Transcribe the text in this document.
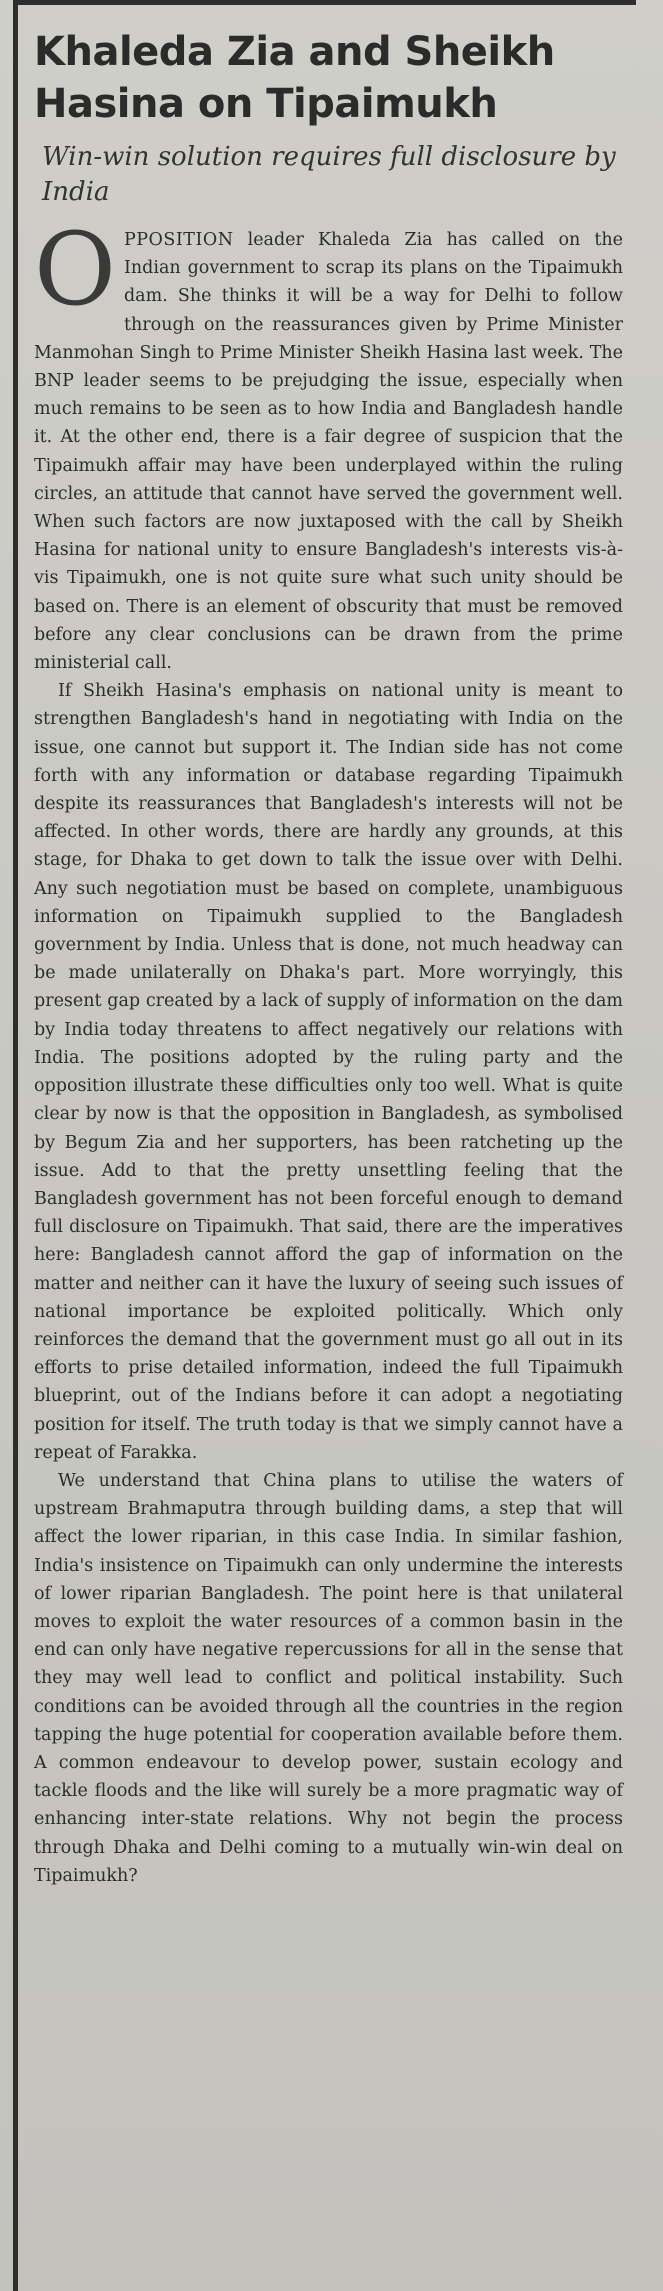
Khaleda Zia and Sheikh Hasina on Tipaimukh
Win-win solution requires full disclosure by India

OPPOSITION leader Khaleda Zia has called on the Indian government to scrap its plans on the Tipaimukh dam. She thinks it will be a way for Delhi to follow through on the reassurances given by Prime Minister Manmohan Singh to Prime Minister Sheikh Hasina last week. The BNP leader seems to be prejudging the issue, especially when much remains to be seen as to how India and Bangladesh handle it. At the other end, there is a fair degree of suspicion that the Tipaimukh affair may have been underplayed within the ruling circles, an attitude that cannot have served the government well. When such factors are now juxtaposed with the call by Sheikh Hasina for national unity to ensure Bangladesh's interests vis-à-vis Tipaimukh, one is not quite sure what such unity should be based on. There is an element of obscurity that must be removed before any clear conclusions can be drawn from the prime ministerial call.

If Sheikh Hasina's emphasis on national unity is meant to strengthen Bangladesh's hand in negotiating with India on the issue, one cannot but support it. The Indian side has not come forth with any information or database regarding Tipaimukh despite its reassurances that Bangladesh's interests will not be affected. In other words, there are hardly any grounds, at this stage, for Dhaka to get down to talk the issue over with Delhi. Any such negotiation must be based on complete, unambiguous information on Tipaimukh supplied to the Bangladesh government by India. Unless that is done, not much headway can be made unilaterally on Dhaka's part. More worryingly, this present gap created by a lack of supply of information on the dam by India today threatens to affect negatively our relations with India. The positions adopted by the ruling party and the opposition illustrate these difficulties only too well. What is quite clear by now is that the opposition in Bangladesh, as symbolised by Begum Zia and her supporters, has been ratcheting up the issue. Add to that the pretty unsettling feeling that the Bangladesh government has not been forceful enough to demand full disclosure on Tipaimukh. That said, there are the imperatives here: Bangladesh cannot afford the gap of information on the matter and neither can it have the luxury of seeing such issues of national importance be exploited politically. Which only reinforces the demand that the government must go all out in its efforts to prise detailed information, indeed the full Tipaimukh blueprint, out of the Indians before it can adopt a negotiating position for itself. The truth today is that we simply cannot have a repeat of Farakka.

We understand that China plans to utilise the waters of upstream Brahmaputra through building dams, a step that will affect the lower riparian, in this case India. In similar fashion, India's insistence on Tipaimukh can only undermine the interests of lower riparian Bangladesh. The point here is that unilateral moves to exploit the water resources of a common basin in the end can only have negative repercussions for all in the sense that they may well lead to conflict and political instability. Such conditions can be avoided through all the countries in the region tapping the huge potential for cooperation available before them. A common endeavour to develop power, sustain ecology and tackle floods and the like will surely be a more pragmatic way of enhancing inter-state relations. Why not begin the process through Dhaka and Delhi coming to a mutually win-win deal on Tipaimukh?
